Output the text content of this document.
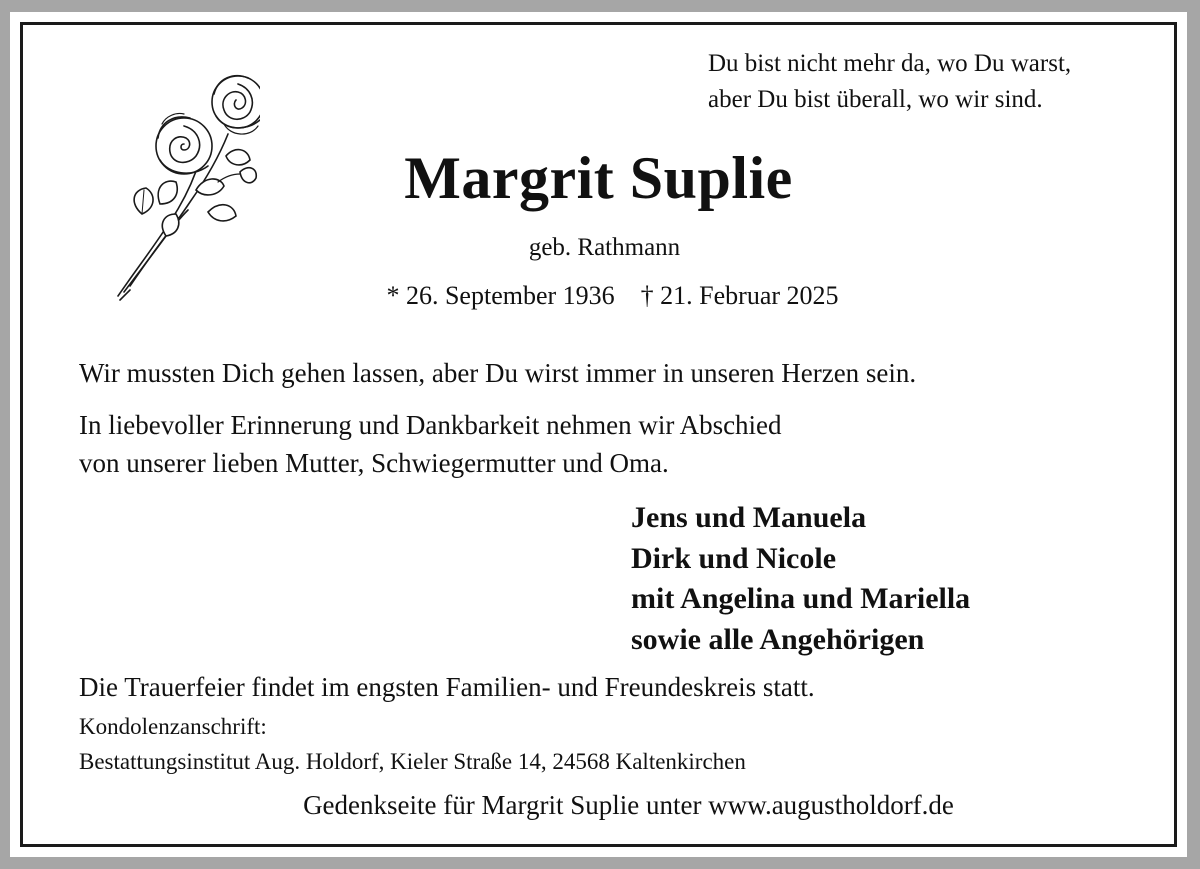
Du bist nicht mehr da, wo Du warst,
aber Du bist überall, wo wir sind.
Margrit Suplie
geb. Rathmann
* 26. September 1936 † 21. Februar 2025
Wir mussten Dich gehen lassen, aber Du wirst immer in unseren Herzen sein.
In liebevoller Erinnerung und Dankbarkeit nehmen wir Abschied
von unserer lieben Mutter, Schwiegermutter und Oma.
Jens und Manuela
Dirk und Nicole
mit Angelina und Mariella
sowie alle Angehörigen
Die Trauerfeier findet im engsten Familien- und Freundeskreis statt.
Kondolenzanschrift:
Bestattungsinstitut Aug. Holdorf, Kieler Straße 14, 24568 Kaltenkirchen
Gedenkseite für Margrit Suplie unter www.augustholdorf.de
